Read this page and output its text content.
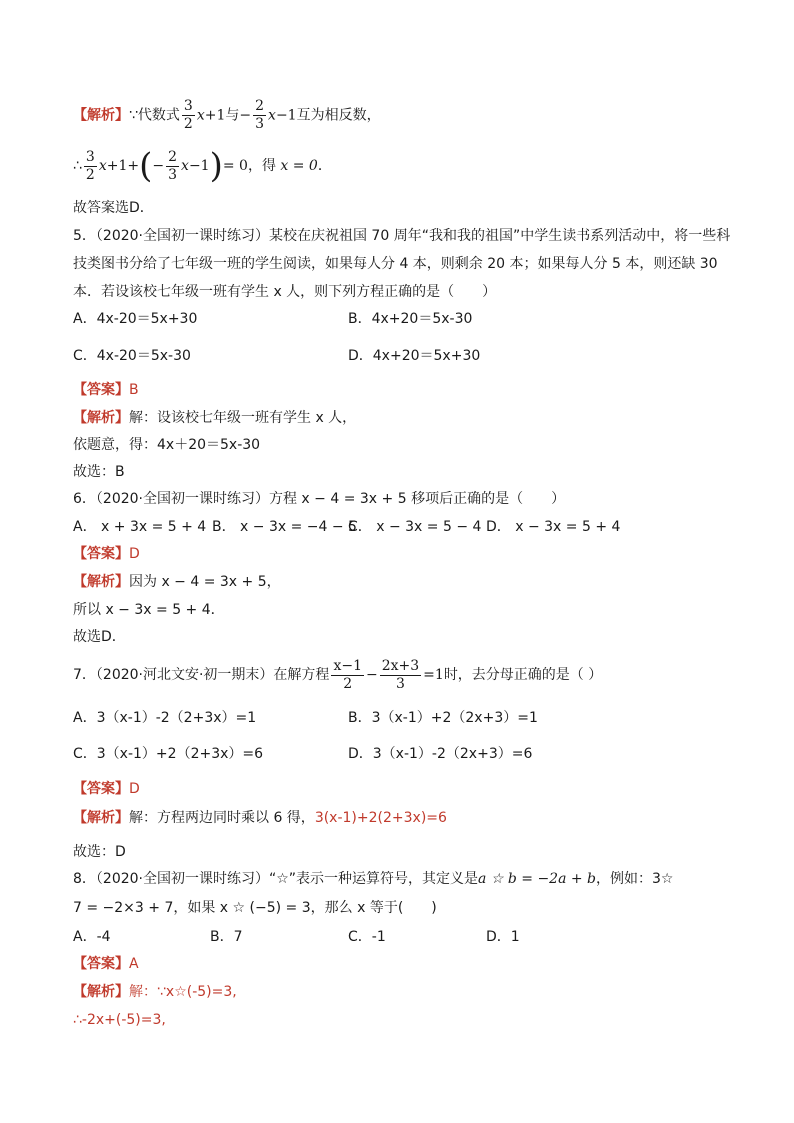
【解析】∵代数式 $\frac{3}{2} x+1$与− $\frac{2}{3} x-1$互为相反数，
∴ $\frac{3}{2} x+1+(- \frac{2}{3} x-1)= 0$，得 x = 0．
故答案选D．
5．（2020·全国初一课时练习）某校在庆祝祖国 70 周年“我和我的祖国”中学生读书系列活动中，将一些科
技类图书分给了七年级一班的学生阅读，如果每人分 4 本，则剩余 20 本；如果每人分 5 本，则还缺 30
本．若设该校七年级一班有学生 x 人，则下列方程正确的是（　　）
A．4x-20＝5x+30	B．4x+20＝5x-30
C．4x-20＝5x-30	D．4x+20＝5x+30
【答案】B
【解析】解：设该校七年级一班有学生 x 人，
依题意，得：4x＋20＝5x-30
故选：B
6．（2020·全国初一课时练习）方程 x − 4 = 3x + 5 移项后正确的是（　　）
A． x + 3x = 5 + 4 B． x − 3x = −4 − 5
C． x − 3x = 5 − 4 D． x − 3x = 5 + 4
【答案】D
【解析】因为 x − 4 = 3x + 5，
所以 x − 3x = 5 + 4．
故选D．
7．（2020·河北文安·初一期末）在解方程 $\frac{x-1}{2} - \frac{2x+3}{3} =1$时，去分母正确的是（ ）
A．3（x-1）-2（2+3x）=1	B．3（x-1）+2（2x+3）=1
C．3（x-1）+2（2+3x）=6	D．3（x-1）-2（2x+3）=6
【答案】D
【解析】解：方程两边同时乘以 6 得，3(x-1)+2(2+3x)=6
故选：D
8．（2020·全国初一课时练习）“☆”表示一种运算符号，其定义是a ☆ b = −2a + b，例如：3☆
7 = −2×3 + 7，如果 x ☆ (−5) = 3，那么 x 等于(　　)
A．-4	B．7	C．-1	D．1
【答案】A
【解析】解：∵x☆(-5)=3,
∴-2x+(-5)=3,
